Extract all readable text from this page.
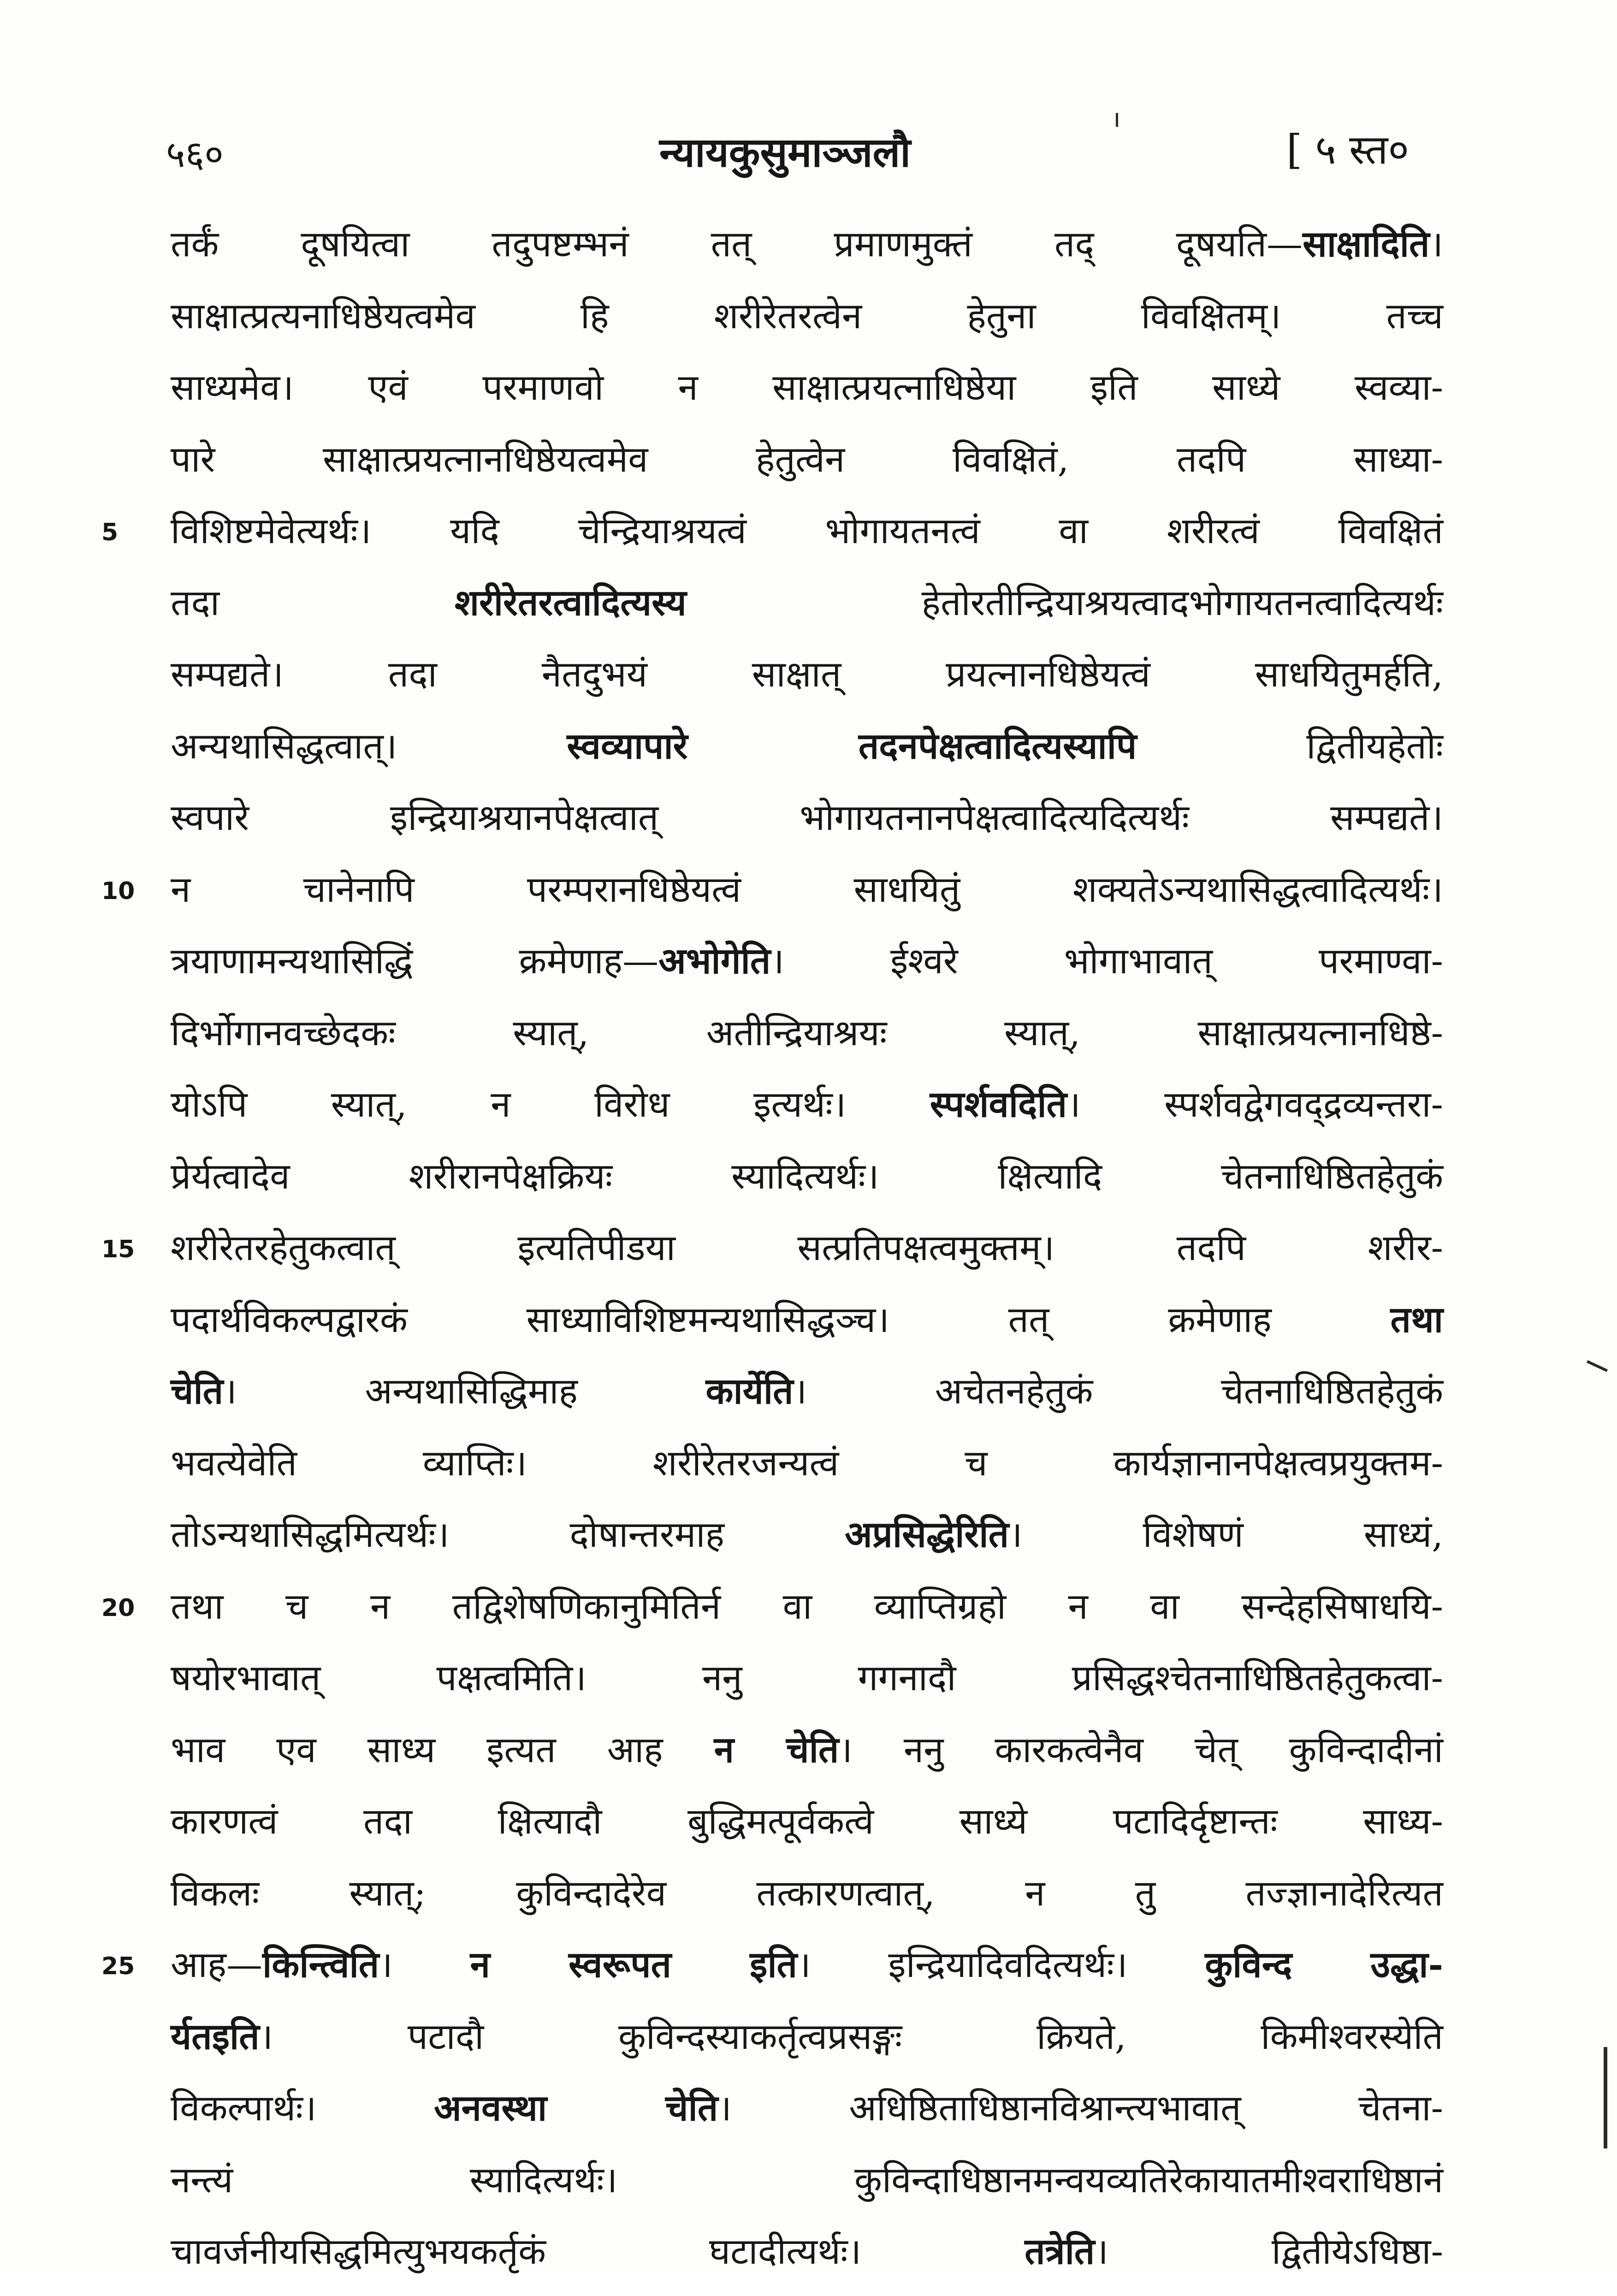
५६०	न्यायकुसुमाञ्जलौ	[ ५ स्त०
तर्कं दूषयित्वा तदुपष्टम्भनं तत् प्रमाणमुक्तं तद् दूषयति—साक्षादिति।
साक्षात्प्रत्यनाधिष्ठेयत्वमेव हि शरीरेतरत्वेन हेतुना विवक्षितम्। तच्च
साध्यमेव। एवं परमाणवो न साक्षात्प्रयत्नाधिष्ठेया इति साध्ये स्वव्या-
पारे साक्षात्प्रयत्नानधिष्ठेयत्वमेव हेतुत्वेन विवक्षितं, तदपि साध्या-
5	विशिष्टमेवेत्यर्थः। यदि चेन्द्रियाश्रयत्वं भोगायतनत्वं वा शरीरत्वं विवक्षितं
तदा शरीरेतरत्वादित्यस्य हेतोरतीन्द्रियाश्रयत्वादभोगायतनत्वादित्यर्थः
सम्पद्यते। तदा नैतदुभयं साक्षात् प्रयत्नानधिष्ठेयत्वं साधयितुमर्हति,
अन्यथासिद्धत्वात्। स्वव्यापारे तदनपेक्षत्वादित्यस्यापि द्वितीयहेतोः
स्वपारे इन्द्रियाश्रयानपेक्षत्वात् भोगायतनानपेक्षत्वादित्यदित्यर्थः सम्पद्यते।
10 न चानेनापि परम्परानधिष्ठेयत्वं साधयितुं शक्यतेऽन्यथासिद्धत्वादित्यर्थः।
त्रयाणामन्यथासिद्धिं क्रमेणाह—अभोगेति। ईश्वरे भोगाभावात् परमाण्वा-
दिर्भोगानवच्छेदकः स्यात्, अतीन्द्रियाश्रयः स्यात्, साक्षात्प्रयत्नानधिष्ठे-
योऽपि स्यात्, न विरोध इत्यर्थः। स्पर्शवदिति। स्पर्शवद्वेगवद्द्रव्यन्तरा-
प्रेर्यत्वादेव शरीरानपेक्षक्रियः स्यादित्यर्थः। क्षित्यादि चेतनाधिष्ठितहेतुकं
15 शरीरेतरहेतुकत्वात् इत्यतिपीडया सत्प्रतिपक्षत्वमुक्तम्। तदपि शरीर-
पदार्थविकल्पद्वारकं साध्याविशिष्टमन्यथासिद्धञ्च। तत् क्रमेणाह तथा
चेति। अन्यथासिद्धिमाह कार्येति। अचेतनहेतुकं चेतनाधिष्ठितहेतुकं
भवत्येवेति व्याप्तिः। शरीरेतरजन्यत्वं च कार्यज्ञानानपेक्षत्वप्रयुक्तम-
तोऽन्यथासिद्धमित्यर्थः। दोषान्तरमाह अप्रसिद्धेरिति। विशेषणं साध्यं,
20 तथा च न तद्विशेषणिकानुमितिर्न वा व्याप्तिग्रहो न वा सन्देहसिषाधयि-
षयोरभावात् पक्षत्वमिति। ननु गगनादौ प्रसिद्धश्चेतनाधिष्ठितहेतुकत्वा-
भाव एव साध्य इत्यत आह न चेति। ननु कारकत्वेनैव चेत् कुविन्दादीनां
कारणत्वं तदा क्षित्यादौ बुद्धिमत्पूर्वकत्वे साध्ये पटादिर्दृष्टान्तः साध्य-
विकलः स्यात्; कुविन्दादेरेव तत्कारणत्वात्, न तु तज्ज्ञानादेरित्यत
25 आह—किन्त्विति। न स्वरूपत इति। इन्द्रियादिवदित्यर्थः। कुविन्द उद्धा-
र्यतइति। पटादौ कुविन्दस्याकर्तृत्वप्रसङ्गः क्रियते, किमीश्वरस्येति
विकल्पार्थः। अनवस्था चेति। अधिष्ठिताधिष्ठानविश्रान्त्यभावात् चेतना-
नन्त्यं स्यादित्यर्थः। कुविन्दाधिष्ठानमन्वयव्यतिरेकायातमीश्वराधिष्ठानं
चावर्जनीयसिद्धमित्युभयकर्तृकं घटादीत्यर्थः। तत्रेति। द्वितीयेऽधिष्ठा-
